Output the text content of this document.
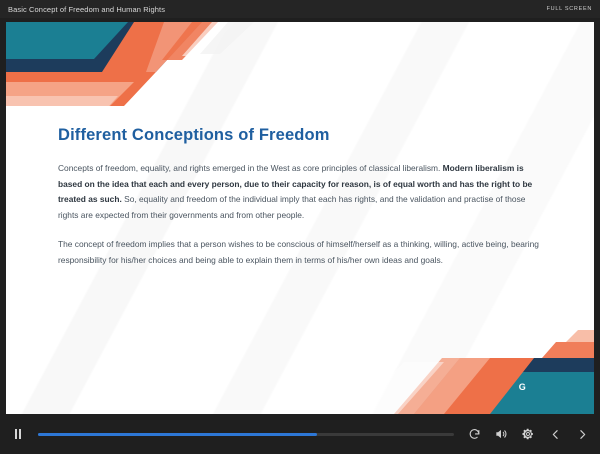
Basic Concept of Freedom and Human Rights	FULL SCREEN
G
Different Conceptions of Freedom

Concepts of freedom, equality, and rights emerged in the West as core principles of classical liberalism. Modern liberalism is based on the idea that each and every person, due to their capacity for reason, is of equal worth and has the right to be treated as such. So, equality and freedom of the individual imply that each has rights, and the validation and practise of those rights are expected from their governments and from other people.

The concept of freedom implies that a person wishes to be conscious of himself/herself as a thinking, willing, active being, bearing responsibility for his/her choices and being able to explain them in terms of his/her own ideas and goals.
